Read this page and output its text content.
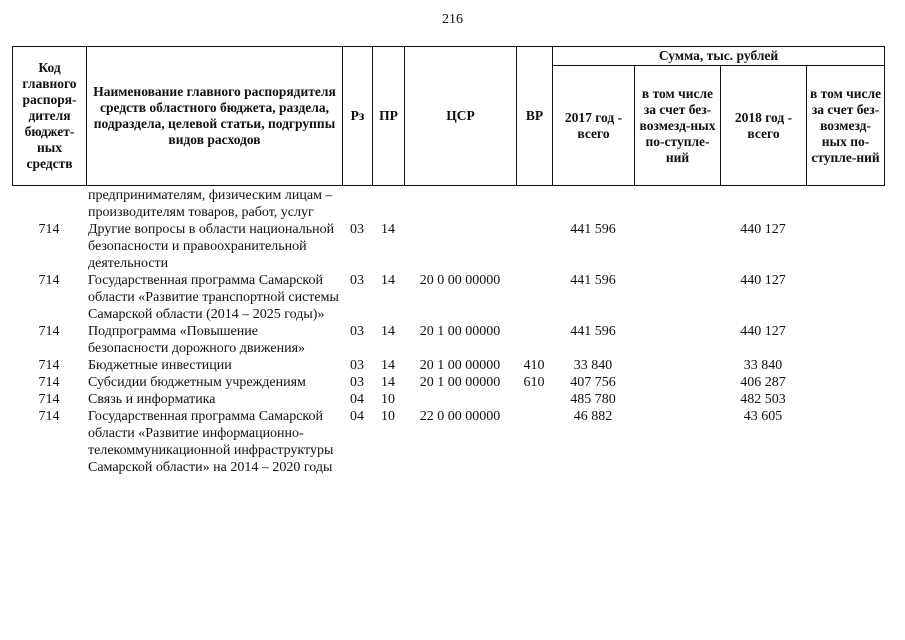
216
Код главного распоря-дителя бюджет-ных средств	Наименование главного распорядителя средств областного бюджета, раздела, подраздела, целевой статьи, подгруппы видов расходов	Рз	ПР	ЦСР	ВР	Сумма, тыс. рублей			
						2017 год - всего	в том числе за счет без-возмезд-ных по-ступле-ний	2018 год - всего	в том числе за счет без-возмезд-ных по-ступле-ний
	предпринимателям, физическим лицам – производителям товаров, работ, услуг								
714	Другие вопросы в области национальной безопасности и правоохранительной деятельности	03	14			441 596		440 127	
714	Государственная программа Самарской области «Развитие транспортной системы Самарской области (2014 – 2025 годы)»	03	14	20 0 00 00000		441 596		440 127	
714	Подпрограмма «Повышение безопасности дорожного движения»	03	14	20 1 00 00000		441 596		440 127	
714	Бюджетные инвестиции	03	14	20 1 00 00000	410	33 840		33 840	
714	Субсидии бюджетным учреждениям	03	14	20 1 00 00000	610	407 756		406 287	
714	Связь и информатика	04	10			485 780		482 503	
714	Государственная программа Самарской области «Развитие информационно-телекоммуникационной инфраструктуры Самарской области» на 2014 – 2020 годы	04	10	22 0 00 00000		46 882		43 605	
